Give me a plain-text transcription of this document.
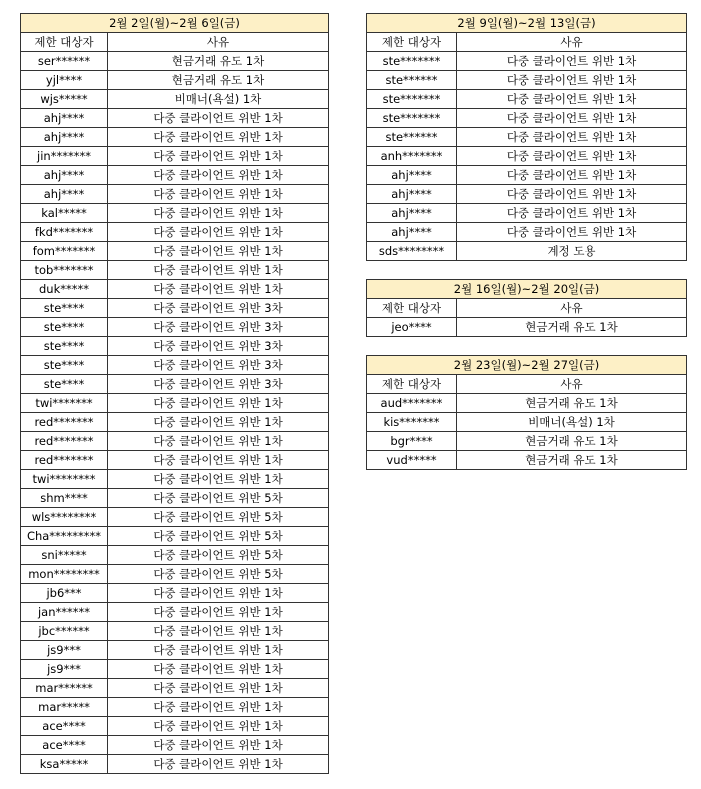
2월 2일(월)~2월 6일(금)	
제한 대상자	사유
ser******	현금거래 유도 1차
yjl****	현금거래 유도 1차
wjs*****	비매너(욕설) 1차
ahj****	다중 클라이언트 위반 1차
ahj****	다중 클라이언트 위반 1차
jin*******	다중 클라이언트 위반 1차
ahj****	다중 클라이언트 위반 1차
ahj****	다중 클라이언트 위반 1차
kal*****	다중 클라이언트 위반 1차
fkd*******	다중 클라이언트 위반 1차
fom*******	다중 클라이언트 위반 1차
tob*******	다중 클라이언트 위반 1차
duk*****	다중 클라이언트 위반 1차
ste****	다중 클라이언트 위반 3차
ste****	다중 클라이언트 위반 3차
ste****	다중 클라이언트 위반 3차
ste****	다중 클라이언트 위반 3차
ste****	다중 클라이언트 위반 3차
twi*******	다중 클라이언트 위반 1차
red*******	다중 클라이언트 위반 1차
red*******	다중 클라이언트 위반 1차
red*******	다중 클라이언트 위반 1차
twi********	다중 클라이언트 위반 1차
shm****	다중 클라이언트 위반 5차
wls********	다중 클라이언트 위반 5차
Cha*********	다중 클라이언트 위반 5차
sni*****	다중 클라이언트 위반 5차
mon********	다중 클라이언트 위반 5차
jb6***	다중 클라이언트 위반 1차
jan******	다중 클라이언트 위반 1차
jbc******	다중 클라이언트 위반 1차
js9***	다중 클라이언트 위반 1차
js9***	다중 클라이언트 위반 1차
mar******	다중 클라이언트 위반 1차
mar*****	다중 클라이언트 위반 1차
ace****	다중 클라이언트 위반 1차
ace****	다중 클라이언트 위반 1차
ksa*****	다중 클라이언트 위반 1차
2월 9일(월)~2월 13일(금)	
제한 대상자	사유
ste*******	다중 클라이언트 위반 1차
ste******	다중 클라이언트 위반 1차
ste*******	다중 클라이언트 위반 1차
ste*******	다중 클라이언트 위반 1차
ste******	다중 클라이언트 위반 1차
anh*******	다중 클라이언트 위반 1차
ahj****	다중 클라이언트 위반 1차
ahj****	다중 클라이언트 위반 1차
ahj****	다중 클라이언트 위반 1차
ahj****	다중 클라이언트 위반 1차
sds********	계정 도용
2월 16일(월)~2월 20일(금)	
제한 대상자	사유
jeo****	현금거래 유도 1차
2월 23일(월)~2월 27일(금)	
제한 대상자	사유
aud*******	현금거래 유도 1차
kis*******	비매너(욕설) 1차
bgr****	현금거래 유도 1차
vud*****	현금거래 유도 1차
